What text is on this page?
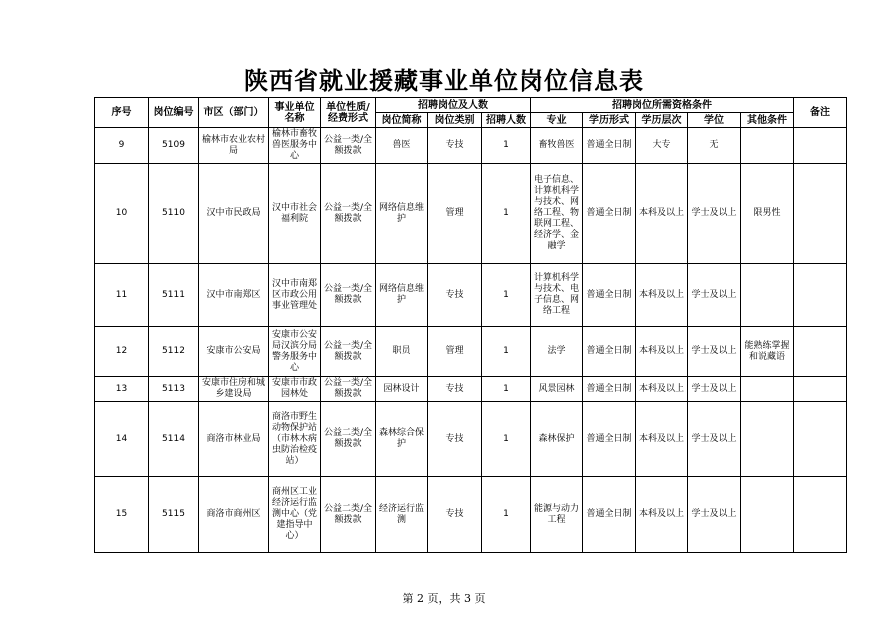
陕西省就业援藏事业单位岗位信息表
序号	岗位编号	市区（部门）	事业单位名称	单位性质/经费形式	招聘岗位及人数			招聘岗位所需资格条件					备注
					岗位简称	岗位类别	招聘人数	专业	学历形式	学历层次	学位	其他条件	
9	5109	榆林市农业农村局	榆林市畜牧兽医服务中心	公益一类/全额拨款	兽医	专技	1	畜牧兽医	普通全日制	大专	无		
10	5110	汉中市民政局	汉中市社会福利院	公益一类/全额拨款	网络信息维护	管理	1	电子信息、计算机科学与技术、网络工程、物联网工程、经济学、金融学	普通全日制	本科及以上	学士及以上	限男性	
11	5111	汉中市南郑区	汉中市南郑区市政公用事业管理处	公益一类/全额拨款	网络信息维护	专技	1	计算机科学与技术、电子信息、网络工程	普通全日制	本科及以上	学士及以上		
12	5112	安康市公安局	安康市公安局汉滨分局警务服务中心	公益一类/全额拨款	职员	管理	1	法学	普通全日制	本科及以上	学士及以上	能熟练掌握和说藏语	
13	5113	安康市住房和城乡建设局	安康市市政园林处	公益一类/全额拨款	园林设计	专技	1	风景园林	普通全日制	本科及以上	学士及以上		
14	5114	商洛市林业局	商洛市野生动物保护站（市林木病虫防治检疫站）	公益二类/全额拨款	森林综合保护	专技	1	森林保护	普通全日制	本科及以上	学士及以上		
15	5115	商洛市商州区	商州区工业经济运行监测中心（党建指导中心）	公益二类/全额拨款	经济运行监测	专技	1	能源与动力工程	普通全日制	本科及以上	学士及以上		
第 2 页，共 3 页
